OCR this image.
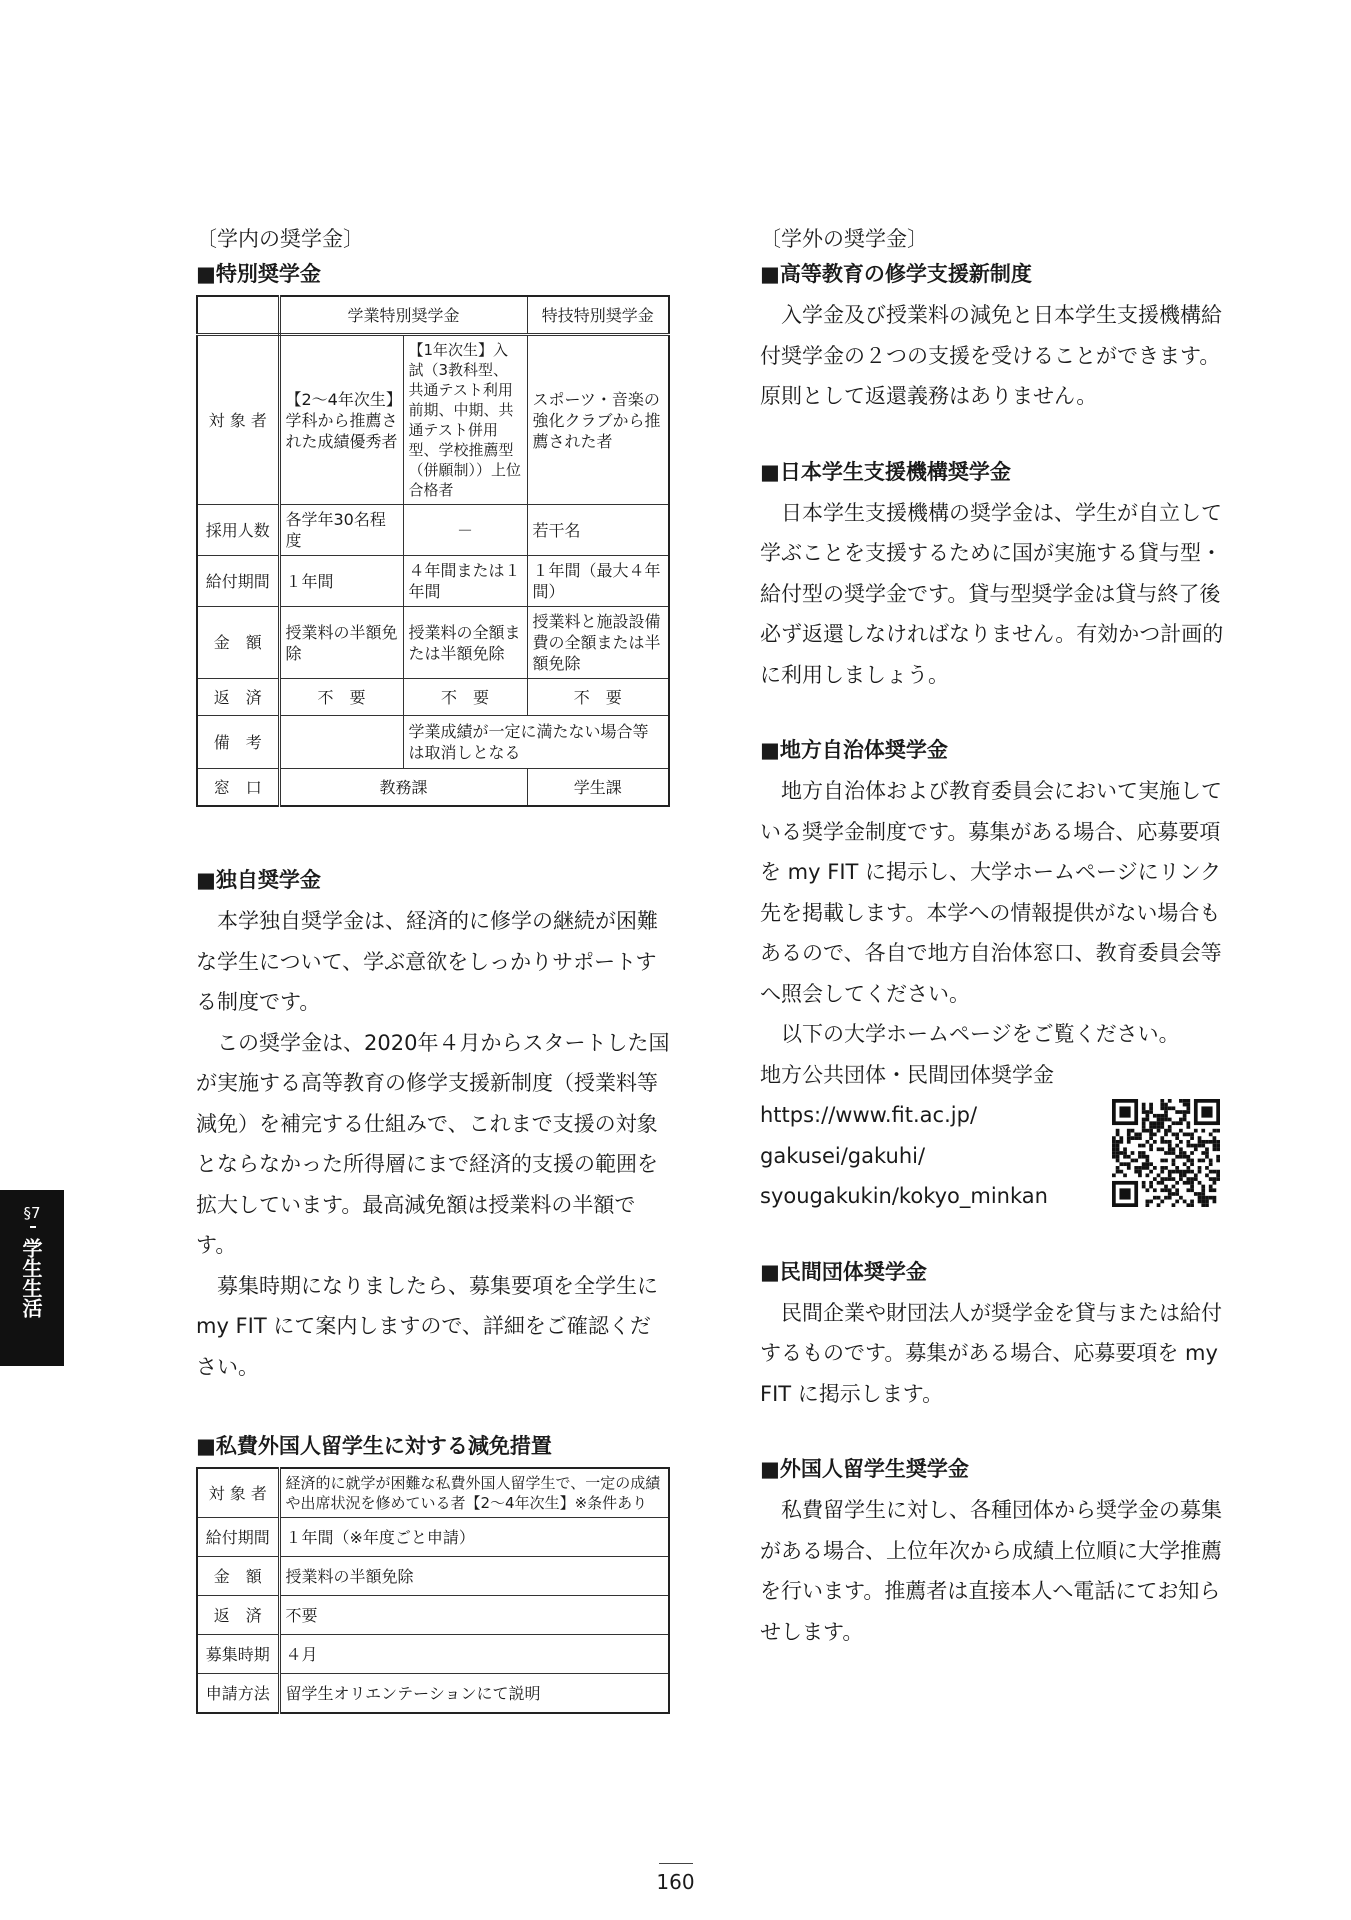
〔学内の奨学金〕
■特別奨学金
	学業特別奨学金		特技特別奨学金
対 象 者	【2～4年次生】学科から推薦された成績優秀者	【1年次生】入試（3教科型、共通テスト利用前期、中期、共通テスト併用型、学校推薦型（併願制））上位合格者	スポーツ・音楽の強化クラブから推薦された者
採用人数	各学年30名程度	－	若干名
給付期間	１年間	４年間または１年間	１年間（最大４年間）
金　額	授業料の半額免除	授業料の全額または半額免除	授業料と施設設備費の全額または半額免除
返　済	不　要	不　要	不　要
備　考		学業成績が一定に満たない場合等は取消しとなる	
窓　口	教務課		学生課
■独自奨学金

本学独自奨学金は、経済的に修学の継続が困難な学生について、学ぶ意欲をしっかりサポートする制度です。

この奨学金は、2020年４月からスタートした国が実施する高等教育の修学支援新制度（授業料等減免）を補完する仕組みで、これまで支援の対象とならなかった所得層にまで経済的支援の範囲を拡大しています。最高減免額は授業料の半額です。

募集時期になりましたら、募集要項を全学生に my FIT にて案内しますので、詳細をご確認ください。

■私費外国人留学生に対する減免措置
対 象 者	経済的に就学が困難な私費外国人留学生で、一定の成績や出席状況を修めている者【2～4年次生】※条件あり
給付期間	１年間（※年度ごと申請）
金　額	授業料の半額免除
返　済	不要
募集時期	４月
申請方法	留学生オリエンテーションにて説明
〔学外の奨学金〕
■高等教育の修学支援新制度

入学金及び授業料の減免と日本学生支援機構給付奨学金の２つの支援を受けることができます。原則として返還義務はありません。

■日本学生支援機構奨学金

日本学生支援機構の奨学金は、学生が自立して学ぶことを支援するために国が実施する貸与型・給付型の奨学金です。貸与型奨学金は貸与終了後必ず返還しなければなりません。有効かつ計画的に利用しましょう。

■地方自治体奨学金

地方自治体および教育委員会において実施している奨学金制度です。募集がある場合、応募要項を my FIT に掲示し、大学ホームページにリンク先を掲載します。本学への情報提供がない場合もあるので、各自で地方自治体窓口、教育委員会等へ照会してください。

以下の大学ホームページをご覧ください。

地方公共団体・民間団体奨学金

https://www.fit.ac.jp/
gakusei/gakuhi/
syougakukin/kokyo_minkan

■民間団体奨学金

民間企業や財団法人が奨学金を貸与または給付するものです。募集がある場合、応募要項を my FIT に掲示します。

■外国人留学生奨学金

私費留学生に対し、各種団体から奨学金の募集がある場合、上位年次から成績上位順に大学推薦を行います。推薦者は直接本人へ電話にてお知らせします。

§7
学生生活
160
